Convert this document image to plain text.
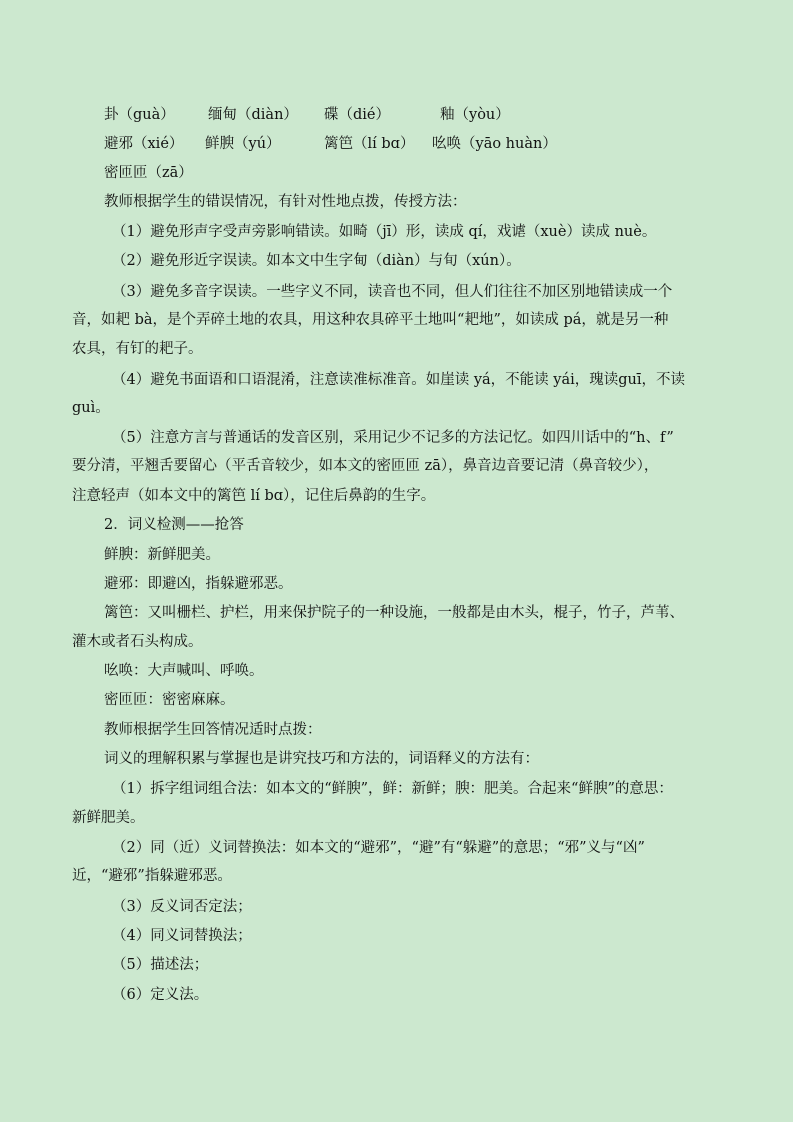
卦（guà） 缅甸（diàn） 碟（dié）	釉（yòu）
避邪（xié） 鲜腴（yú）	篱笆（lí bɑ） 吆唤（yāo huàn）
密匝匝（zā）
教师根据学生的错误情况，有针对性地点拨，传授方法：
（1）避免形声字受声旁影响错读。如畸（jī）形，读成 qí，戏谑（xuè）读成 nuè。
（2）避免形近字误读。如本文中生字甸（diàn）与旬（xún）。
（3）避免多音字误读。一些字义不同，读音也不同，但人们往往不加区别地错读成一个
音，如耙 bà，是个弄碎土地的农具，用这种农具碎平土地叫“耙地”，如读成 pá，就是另一种
农具，有钉的耙子。
（4）避免书面语和口语混淆，注意读准标准音。如崖读 yá，不能读 yái，瑰读guī，不读
guì。
（5）注意方言与普通话的发音区别，采用记少不记多的方法记忆。如四川话中的“h、f”
要分清，平翘舌要留心（平舌音较少，如本文的密匝匝 zā），鼻音边音要记清（鼻音较少），
注意轻声（如本文中的篱笆 lí bɑ），记住后鼻韵的生字。
2．词义检测——抢答
鲜腴：新鲜肥美。
避邪：即避凶，指躲避邪恶。
篱笆：又叫栅栏、护栏，用来保护院子的一种设施，一般都是由木头，棍子，竹子，芦苇、
灌木或者石头构成。
吆唤：大声喊叫、呼唤。
密匝匝：密密麻麻。
教师根据学生回答情况适时点拨：
词义的理解积累与掌握也是讲究技巧和方法的，词语释义的方法有：
（1）拆字组词组合法：如本文的“鲜腴”，鲜：新鲜；腴：肥美。合起来“鲜腴”的意思：
新鲜肥美。
（2）同（近）义词替换法：如本文的“避邪”，“避”有“躲避”的意思；“邪”义与“凶”
近，“避邪”指躲避邪恶。
（3）反义词否定法；
（4）同义词替换法；
（5）描述法；
（6）定义法。
